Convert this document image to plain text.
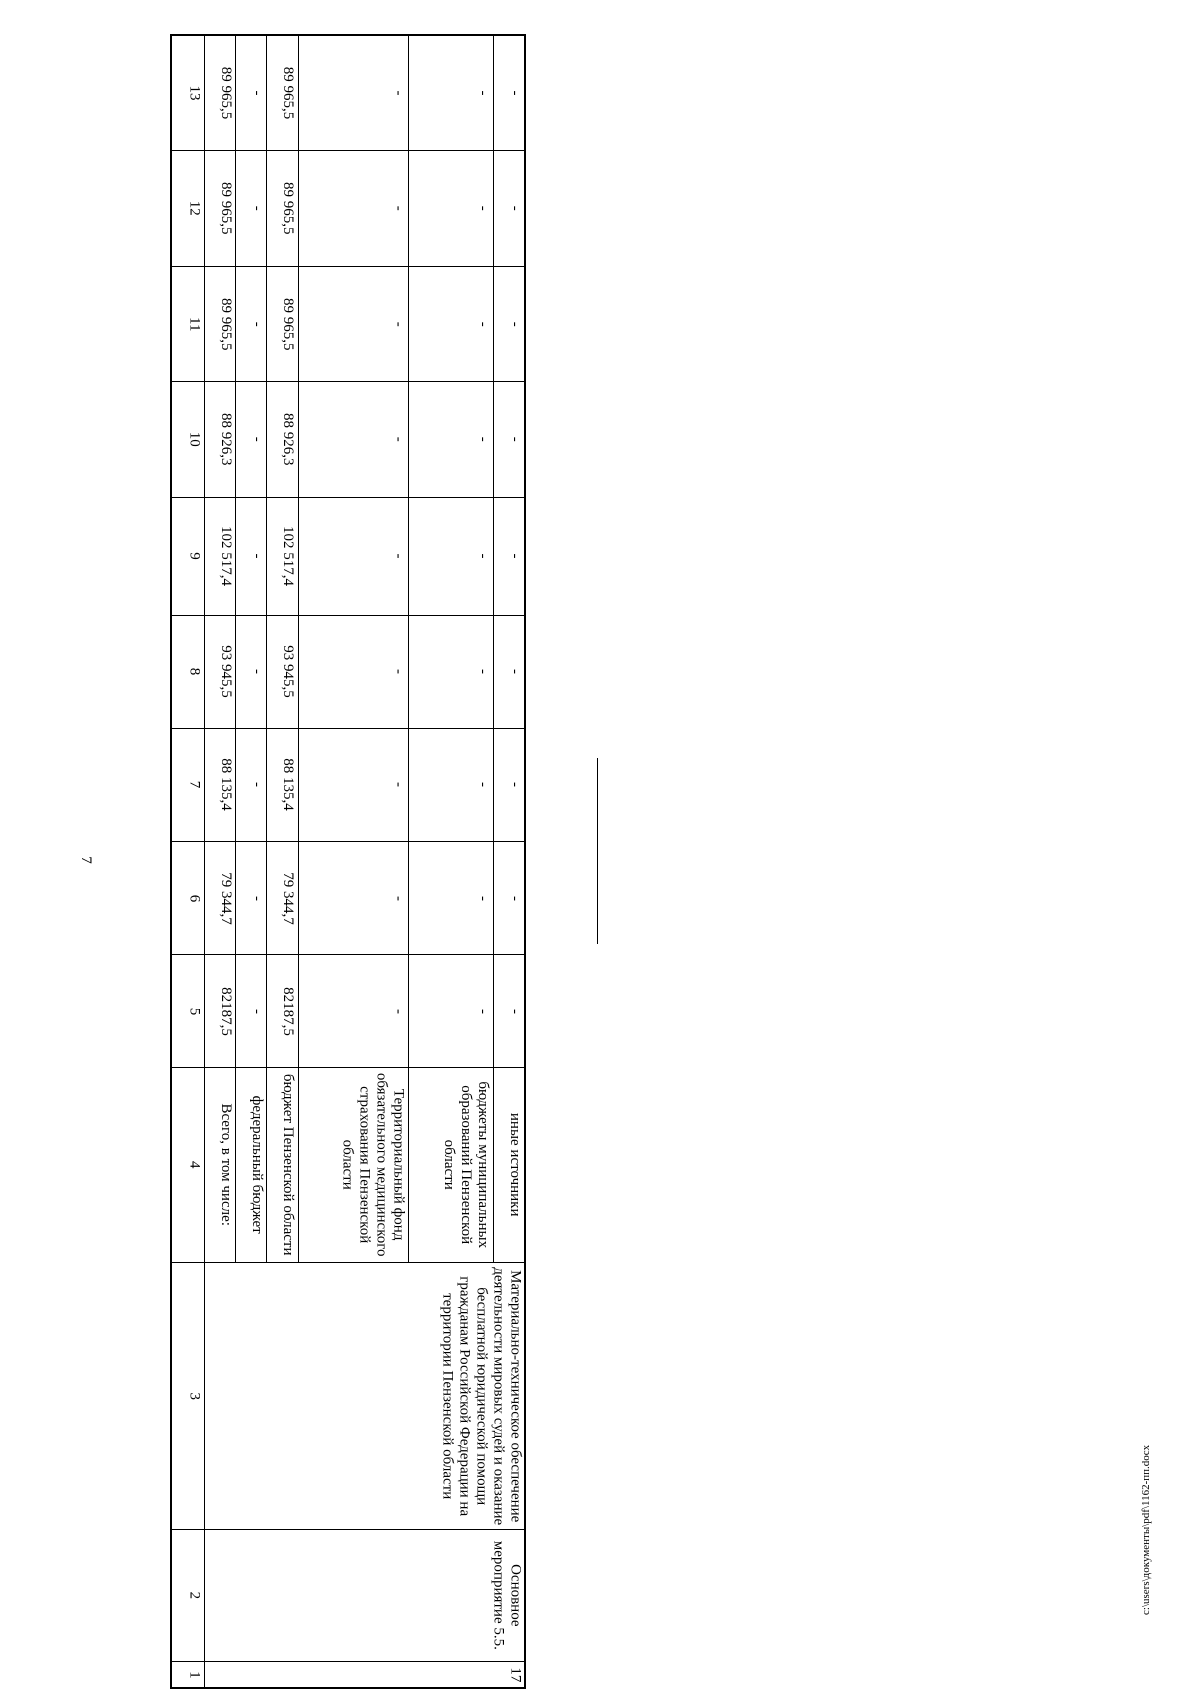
7
1	2	3	4	5	6	7	8	9	10	11	12	13
17	Основное мероприятие 5.5.	Материально-техническое обеспечение деятельности мировых судей и оказание бесплатной юридической помощи гражданам Российской Федерации на территории Пензенской области	Всего, в том числе:	82187,5	79 344,7	88 135,4	93 945,5	102 517,4	88 926,3	89 965,5	89 965,5	89 965,5
			федеральный бюджет	-	-	-	-	-	-	-	-	-
			бюджет Пензенской области	82187,5	79 344,7	88 135,4	93 945,5	102 517,4	88 926,3	89 965,5	89 965,5	89 965,5
			Территориальный фонд обязательного медицинского страхования Пензенской области	-	-	-	-	-	-	-	-	-
			бюджеты муниципальных образований Пензенской области	-	-	-	-	-	-	-	-	-
			иные источники	-	-	-	-	-	-	-	-	-
c:\users\документы\pdf\1162-пп.docx
